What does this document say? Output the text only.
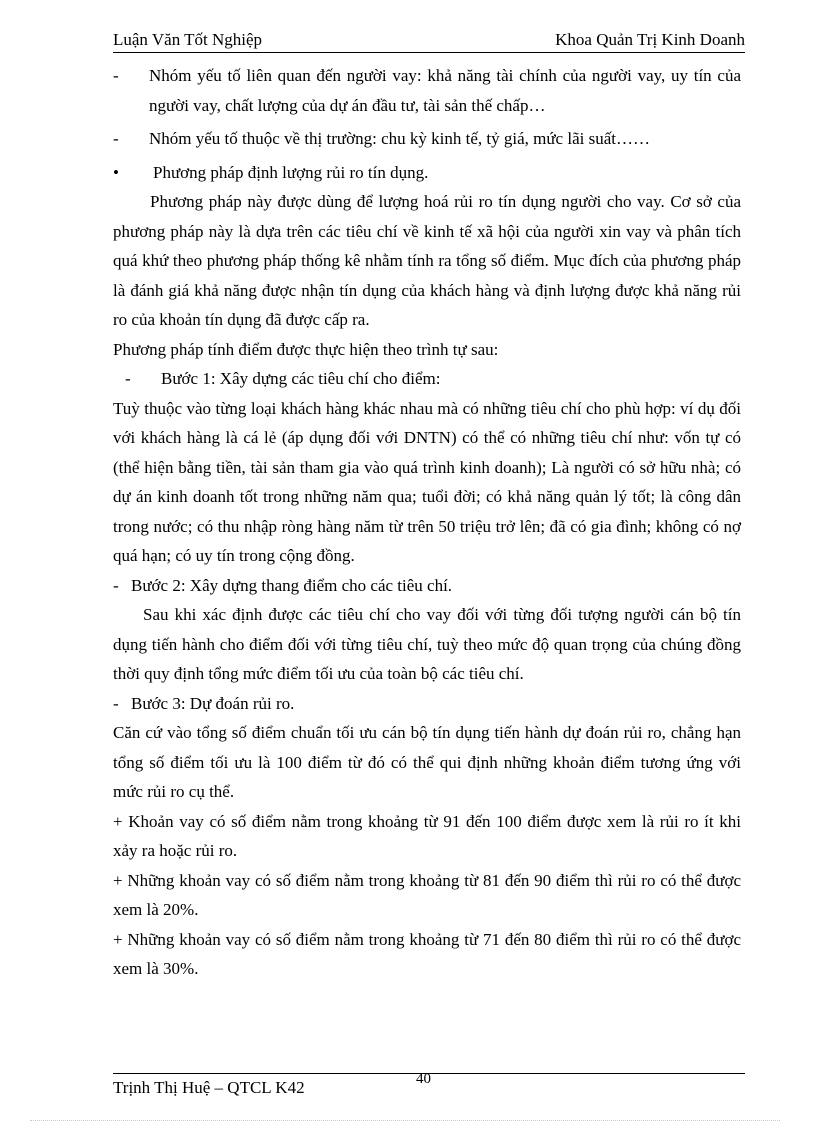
Luận Văn Tốt Nghiệp	Khoa Quản Trị Kinh Doanh

- Nhóm yếu tố liên quan đến người vay: khả năng tài chính của người vay, uy tín của người vay, chất lượng của dự án đầu tư, tài sản thế chấp…

- Nhóm yếu tố thuộc về thị trường: chu kỳ kinh tế, tỷ giá, mức lãi suất……

• Phương pháp định lượng rủi ro tín dụng.

Phương pháp này được dùng để lượng hoá rủi ro tín dụng người cho vay. Cơ sở của phương pháp này là dựa trên các tiêu chí về kinh tế xã hội của người xin vay và phân tích quá khứ theo phương pháp thống kê nhằm tính ra tổng số điểm. Mục đích của phương pháp là đánh giá khả năng được nhận tín dụng của khách hàng và định lượng được khả năng rủi ro của khoản tín dụng đã được cấp ra.

Phương pháp tính điểm được thực hiện theo trình tự sau:

- Bước 1: Xây dựng các tiêu chí cho điểm:

Tuỳ thuộc vào từng loại khách hàng khác nhau mà có những tiêu chí cho phù hợp: ví dụ đối với khách hàng là cá lẻ (áp dụng đối với DNTN) có thể có những tiêu chí như: vốn tự có (thể hiện bằng tiền, tài sản tham gia vào quá trình kinh doanh); Là người có sở hữu nhà; có dự án kinh doanh tốt trong những năm qua; tuổi đời; có khả năng quản lý tốt; là công dân trong nước; có thu nhập ròng hàng năm từ trên 50 triệu trở lên; đã có gia đình; không có nợ quá hạn; có uy tín trong cộng đồng.

- Bước 2: Xây dựng thang điểm cho các tiêu chí.

Sau khi xác định được các tiêu chí cho vay đối với từng đối tượng người cán bộ tín dụng tiến hành cho điểm đối với từng tiêu chí, tuỳ theo mức độ quan trọng của chúng đồng thời quy định tổng mức điểm tối ưu của toàn bộ các tiêu chí.

- Bước 3: Dự đoán rủi ro.

Căn cứ vào tổng số điểm chuẩn tối ưu cán bộ tín dụng tiến hành dự đoán rủi ro, chẳng hạn tổng số điểm tối ưu là 100 điểm từ đó có thể qui định những khoản điểm tương ứng với mức rủi ro cụ thể.

+ Khoản vay có số điểm nằm trong khoảng từ 91 đến 100 điểm được xem là rủi ro ít khi xảy ra hoặc rủi ro.

+ Những khoản vay có số điểm nằm trong khoảng từ 81 đến 90 điểm thì rủi ro có thể được xem là 20%.

+ Những khoản vay có số điểm nằm trong khoảng từ 71 đến 80 điểm thì rủi ro có thể được xem là 30%.

Trịnh Thị Huệ – QTCL K42	40
